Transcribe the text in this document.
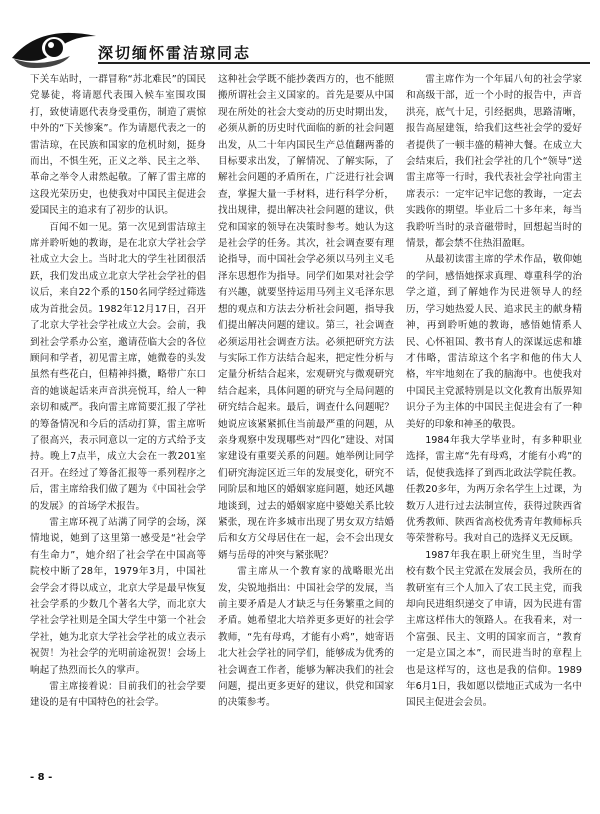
深切缅怀雷洁琼同志

下关车站时，一群冒称“苏北难民”的国民党暴徒，将请愿代表围入候车室围攻围打，致使请愿代表身受重伤，制造了震惊中外的“下关惨案”。作为请愿代表之一的雷洁琼，在民族和国家的危机时刻，挺身而出，不惧生死，正义之举、民主之举、革命之举令人肃然起敬。了解了雷主席的这段光荣历史，也使我对中国民主促进会爱国民主的追求有了初步的认识。

百闻不如一见。第一次见到雷洁琼主席并聆听她的教诲，是在北京大学社会学社成立大会上。当时北大的学生社团很活跃，我们发出成立北京大学社会学社的倡议后，来自22个系的150名同学经过筛选成为首批会员。1982年12月17日，召开了北京大学社会学社成立大会。会前，我到社会学系办公室，邀请莅临大会的各位顾问和学者，初见雷主席，她微卷的头发虽然有些花白，但精神抖擞，略带广东口音的她谈起话来声音洪亮悦耳，给人一种亲切和威严。我向雷主席简要汇报了学社的筹备情况和今后的活动打算，雷主席听了很高兴，表示同意以一定的方式给予支持。晚上7点半，成立大会在一教201室召开。在经过了筹备汇报等一系列程序之后，雷主席给我们做了题为《中国社会学的发展》的首场学术报告。

雷主席环视了站满了同学的会场，深情地说，她到了这里第一感受是“社会学有生命力”，她介绍了社会学在中国高等院校中断了28年，1979年3月，中国社会学会才得以成立，北京大学是最早恢复社会学系的少数几个著名大学，而北京大学社会学社则是全国大学生中第一个社会学社，她为北京大学社会学社的成立表示祝贺！为社会学的光明前途祝贺！会场上响起了热烈而长久的掌声。

雷主席接着说：目前我们的社会学要建设的是有中国特色的社会学。

这种社会学既不能抄袭西方的，也不能照搬所谓社会主义国家的。首先是要从中国现在所处的社会大变动的历史时期出发，必须从新的历史时代面临的新的社会问题出发，从二十年内国民生产总值翻两番的目标要求出发，了解情况、了解实际，了解社会问题的矛盾所在，广泛进行社会调查，掌握大量一手材料，进行科学分析，找出规律，提出解决社会问题的建议，供党和国家的领导在决策时参考。她认为这是社会学的任务。其次，社会调查要有理论指导，而中国社会学必须以马列主义毛泽东思想作为指导。同学们如果对社会学有兴趣，就要坚持运用马列主义毛泽东思想的观点和方法去分析社会问题，指导我们提出解决问题的建议。第三，社会调查必须运用社会调查方法。必须把研究方法与实际工作方法结合起来，把定性分析与定量分析结合起来，宏观研究与微观研究结合起来，具体问题的研究与全局问题的研究结合起来。最后，调查什么问题呢？她说应该紧紧抓住当前最严重的问题，从亲身观察中发现哪些对“四化”建设、对国家建设有重要关系的问题。她举例让同学们研究海淀区近三年的发展变化，研究不同阶层和地区的婚姻家庭问题，她还风趣地谈到，过去的婚姻家庭中婆媳关系比较紧张，现在许多城市出现了男女双方结婚后和女方父母居住在一起，会不会出现女婿与岳母的冲突与紧张呢？

雷主席从一个教育家的战略眼光出发，尖锐地指出：中国社会学的发展，当前主要矛盾是人才缺乏与任务繁重之间的矛盾。她希望北大培养更多更好的社会学教师，“先有母鸡，才能有小鸡”，她寄语北大社会学社的同学们，能够成为优秀的社会调查工作者，能够为解决我们的社会问题，提出更多更好的建议，供党和国家的决策参考。

雷主席作为一个年届八旬的社会学家和高级干部，近一个小时的报告中，声音洪亮，底气十足，引经据典，思路清晰，报告高屋建瓴，给我们这些社会学的爱好者提供了一顿丰盛的精神大餐。在成立大会结束后，我们社会学社的几个“领导”送雷主席等一行时，我代表社会学社向雷主席表示：一定牢记牢记您的教诲，一定去实践你的期望。毕业后二十多年来，每当我聆听当时的录音磁带时，回想起当时的情景，都会禁不住热泪盈眶。

从最初读雷主席的学术作品，敬仰她的学问，感悟她探求真理、尊重科学的治学之道，到了解她作为民进领导人的经历，学习她热爱人民、追求民主的献身精神，再到聆听她的教诲，感悟她情系人民、心怀祖国、教书育人的深谋远虑和雄才伟略，雷洁琼这个名字和他的伟大人格，牢牢地刻在了我的脑海中。也使我对中国民主党派特别是以文化教育出版界知识分子为主体的中国民主促进会有了一种美好的印象和神圣的敬畏。

1984年我大学毕业时，有多种职业选择，雷主席“先有母鸡，才能有小鸡”的话，促使我选择了到西北政法学院任教。任教20多年，为两万余名学生上过课，为数万人进行过去法制宣传，获得过陕西省优秀教师、陕西省高校优秀青年教师标兵等荣誉称号。我对自己的选择义无反顾。

1987年我在职上研究生里，当时学校有数个民主党派在发展会员，我所在的教研室有三个人加入了农工民主党，而我却向民进组织递交了申请，因为民进有雷主席这样伟大的领路人。在我看来，对一个富强、民主、文明的国家而言，“教育一定是立国之本”，而民进当时的章程上也是这样写的，这也是我的信仰。1989年6月1日，我如愿以偿地正式成为一名中国民主促进会会员。

- 8 -
